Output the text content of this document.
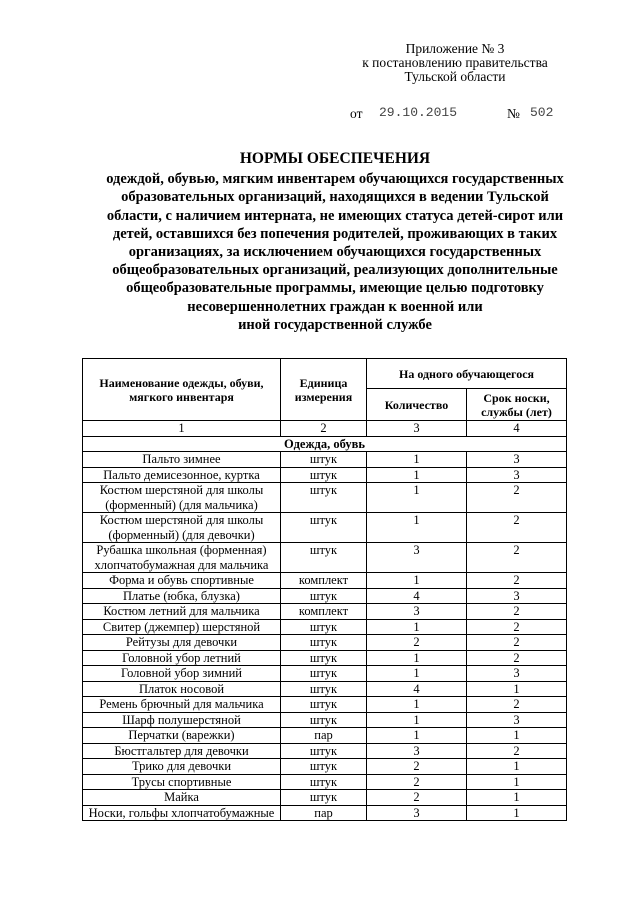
Приложение № 3
к постановлению правительства
Тульской области
от 29.10.2015	№ 502
НОРМЫ ОБЕСПЕЧЕНИЯ
одеждой, обувью, мягким инвентарем обучающихся государственных
образовательных организаций, находящихся в ведении Тульской
области, с наличием интерната, не имеющих статуса детей-сирот или
детей, оставшихся без попечения родителей, проживающих в таких
организациях, за исключением обучающихся государственных
общеобразовательных организаций, реализующих дополнительные
общеобразовательные программы, имеющие целью подготовку
несовершеннолетних граждан к военной или
иной государственной службе
Наименование одежды, обуви, мягкого инвентаря	Единица измерения	На одного обучающегося	
		Количество	Срок носки, службы (лет)
1	2	3	4
Одежда, обувь			
Пальто зимнее	штук	1	3
Пальто демисезонное, куртка	штук	1	3
Костюм шерстяной для школы (форменный) (для мальчика)	штук	1	2
Костюм шерстяной для школы (форменный) (для девочки)	штук	1	2
Рубашка школьная (форменная) хлопчатобумажная для мальчика	штук	3	2
Форма и обувь спортивные	комплект	1	2
Платье (юбка, блузка)	штук	4	3
Костюм летний для мальчика	комплект	3	2
Свитер (джемпер) шерстяной	штук	1	2
Рейтузы для девочки	штук	2	2
Головной убор летний	штук	1	2
Головной убор зимний	штук	1	3
Платок носовой	штук	4	1
Ремень брючный для мальчика	штук	1	2
Шарф полушерстяной	штук	1	3
Перчатки (варежки)	пар	1	1
Бюстгальтер для девочки	штук	3	2
Трико для девочки	штук	2	1
Трусы спортивные	штук	2	1
Майка	штук	2	1
Носки, гольфы хлопчатобумажные	пар	3	1
